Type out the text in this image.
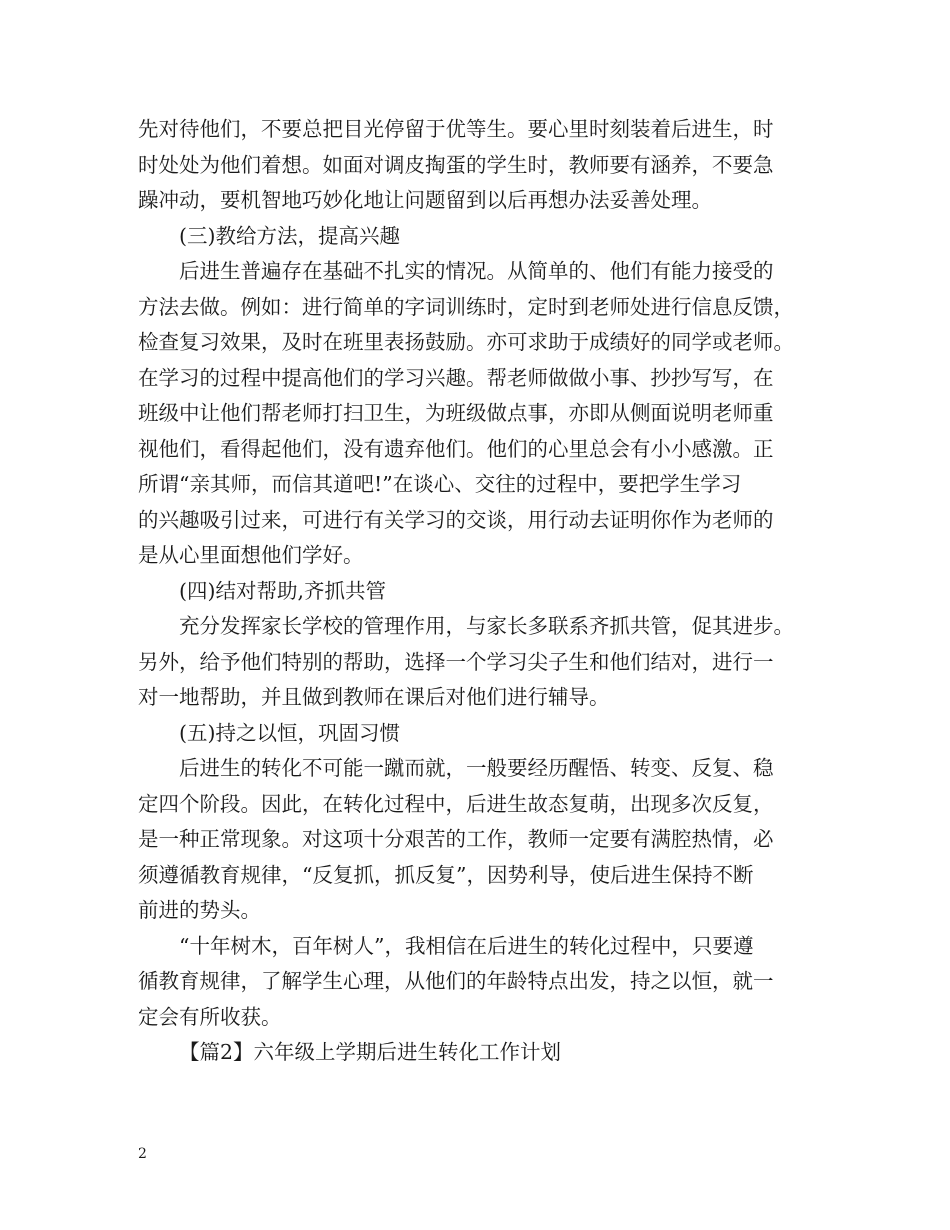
先对待他们，不要总把目光停留于优等生。要心里时刻装着后进生，时
时处处为他们着想。如面对调皮掏蛋的学生时，教师要有涵养，不要急
躁冲动，要机智地巧妙化地让问题留到以后再想办法妥善处理。
(三)教给方法，提高兴趣
后进生普遍存在基础不扎实的情况。从简单的、他们有能力接受的
方法去做。例如：进行简单的字词训练时，定时到老师处进行信息反馈，
检查复习效果，及时在班里表扬鼓励。亦可求助于成绩好的同学或老师。
在学习的过程中提高他们的学习兴趣。帮老师做做小事、抄抄写写，在
班级中让他们帮老师打扫卫生，为班级做点事，亦即从侧面说明老师重
视他们，看得起他们，没有遗弃他们。他们的心里总会有小小感激。正
所谓“亲其师，而信其道吧!”在谈心、交往的过程中，要把学生学习
的兴趣吸引过来，可进行有关学习的交谈，用行动去证明你作为老师的
是从心里面想他们学好。
(四)结对帮助,齐抓共管
充分发挥家长学校的管理作用，与家长多联系齐抓共管，促其进步。
另外，给予他们特别的帮助，选择一个学习尖子生和他们结对，进行一
对一地帮助，并且做到教师在课后对他们进行辅导。
(五)持之以恒，巩固习惯
后进生的转化不可能一蹴而就，一般要经历醒悟、转变、反复、稳
定四个阶段。因此，在转化过程中，后进生故态复萌，出现多次反复，
是一种正常现象。对这项十分艰苦的工作，教师一定要有满腔热情，必
须遵循教育规律，“反复抓，抓反复”，因势利导，使后进生保持不断
前进的势头。
“十年树木，百年树人”，我相信在后进生的转化过程中，只要遵
循教育规律，了解学生心理，从他们的年龄特点出发，持之以恒，就一
定会有所收获。
【篇2】六年级上学期后进生转化工作计划
2
